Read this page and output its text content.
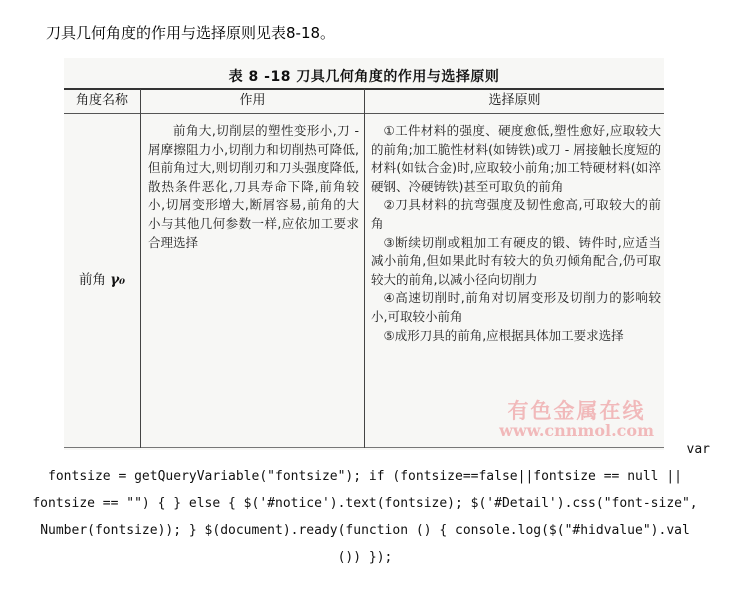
刀具几何角度的作用与选择原则见表8-18。
表 8 -18 刀具几何角度的作用与选择原则
角度名称	作用	选择原则
前角 γ₀
前角大,切削层的塑性变形小,刀 - 屑摩擦阻力小,切削力和切削热可降低,但前角过大,则切削刃和刀头强度降低,散热条件恶化,刀具寿命下降,前角较小,切屑变形增大,断屑容易,前角的大小与其他几何参数一样,应依加工要求合理选择

①工件材料的强度、硬度愈低,塑性愈好,应取较大的前角;加工脆性材料(如铸铁)或刀 - 屑接触长度短的材料(如钛合金)时,应取较小前角;加工特硬材料(如淬硬钢、冷硬铸铁)甚至可取负的前角

②刀具材料的抗弯强度及韧性愈高,可取较大的前角

③断续切削或粗加工有硬皮的锻、铸件时,应适当减小前角,但如果此时有较大的负刃倾角配合,仍可取较大的前角,以减小径向切削力

④高速切削时,前角对切屑变形及切削力的影响较小,可取较小前角

⑤成形刀具的前角,应根据具体加工要求选择

有色金属在线
www.cnnmol.com
var
fontsize = getQueryVariable("fontsize"); if (fontsize==false||fontsize == null ||
fontsize == "") { } else { $('#notice').text(fontsize); $('#Detail').css("font-size",
Number(fontsize)); } $(document).ready(function () { console.log($("#hidvalue").val
()) });
